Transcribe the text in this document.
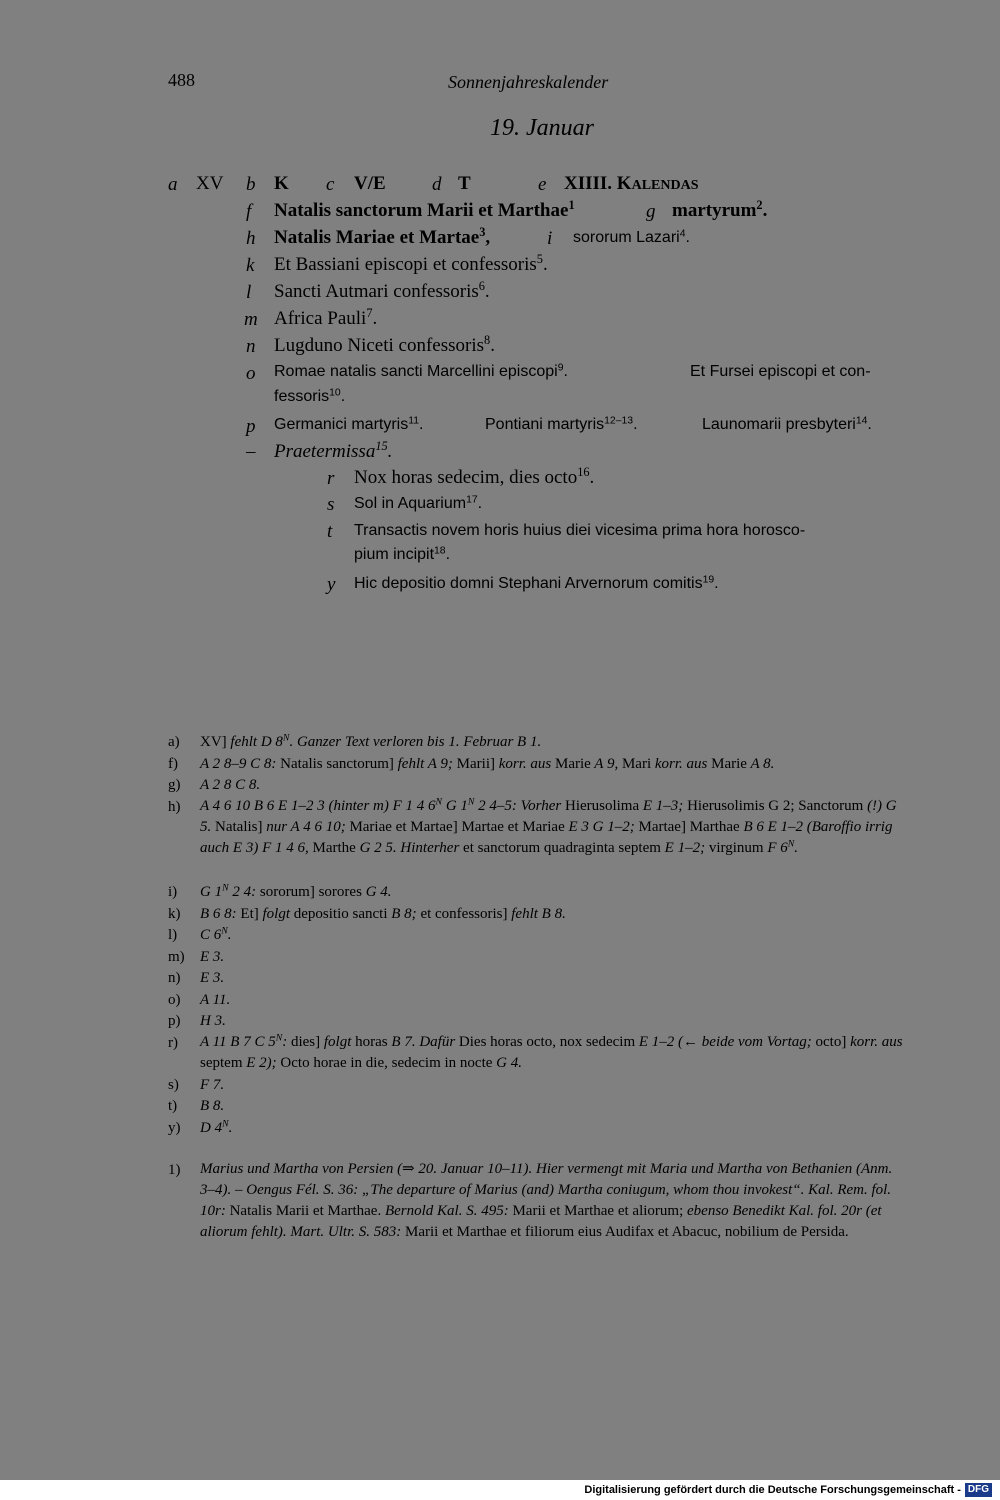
488	Sonnenjahreskalender
19. Januar
a XV b K c V/E d T	e XIIII. KALENDAS
f Natalis sanctorum Marii et Marthae$^1$	g martyrum$^2$.
h Natalis Mariae et Martae$^3$,	i sororum Lazari$^4$.
k Et Bassiani episcopi et confessoris$^5$.
l Sancti Autmari confessoris$^6$.
m Africa Pauli$^7$.
n Lugduno Niceti confessoris$^8$.
o Romae natalis sancti Marcellini episcopi$^9$.	Et Fursei episcopi et con-
fessoris$^{10}$.
p Germanici martyris$^{11}$.	Pontiani martyris$^{12-13}$.	Launomarii presbyteri$^{14}$.
– Praetermissa$^{15}$.
r Nox horas sedecim, dies octo$^{16}$.
s Sol in Aquarium$^{17}$.
t Transactis novem horis huius diei vicesima prima hora horosco-
pium incipit$^{18}$.
y Hic depositio domni Stephani Arvernorum comitis$^{19}$.
a) XV] fehlt D $8^N$. Ganzer Text verloren bis 1. Februar B 1.
f) A 2 8–9 C 8: Natalis sanctorum] fehlt A 9; Marii] korr. aus Marie A 9, Mari korr. aus Marie A 8.
g) A 2 8 C 8.
h) A 4 6 10 B 6 E 1–2 3 (hinter m) F 1 4 $6^N$ G $1^N$ 2 4–5: Vorher Hierusolima E 1–3; Hierusolimis G 2; Sanctorum (!) G 5. Natalis] nur A 4 6 10; Mariae et Martae] Martae et Mariae E 3 G 1–2; Martae] Marthae B 6 E 1–2 (Baroffio irrig auch E 3) F 1 4 6, Marthe G 2 5. Hinterher et sanctorum quadraginta septem E 1–2; virginum F $6^N$.
i) G $1^N$ 2 4: sororum] sorores G 4.
k) B 6 8: Et] folgt depositio sancti B 8; et confessoris] fehlt B 8.
l) C $6^N$.
m) E 3.
n) E 3.
o) A 11.
p) H 3.
r) A 11 B 7 C $5^N$: dies] folgt horas B 7. Dafür Dies horas octo, nox sedecim E 1–2 (← beide vom Vortag; octo] korr. aus septem E 2); Octo horae in die, sedecim in nocte G 4.
s) F 7.
t) B 8.
y) D $4^N$.
1) Marius und Martha von Persien (⇒ 20. Januar 10–11). Hier vermengt mit Maria und Martha von Bethanien (Anm. 3–4). – Oengus Fél. S. 36: „The departure of Marius (and) Martha coniugum, whom thou invokest“. Kal. Rem. fol. 10r: Natalis Marii et Marthae. Bernold Kal. S. 495: Marii et Marthae et aliorum; ebenso Benedikt Kal. fol. 20r (et aliorum fehlt). Mart. Ultr. S. 583: Marii et Marthae et filiorum eius Audifax et Abacuc, nobilium de Persida.
Digitalisierung gefördert durch die Deutsche Forschungsgemeinschaft - DFG
